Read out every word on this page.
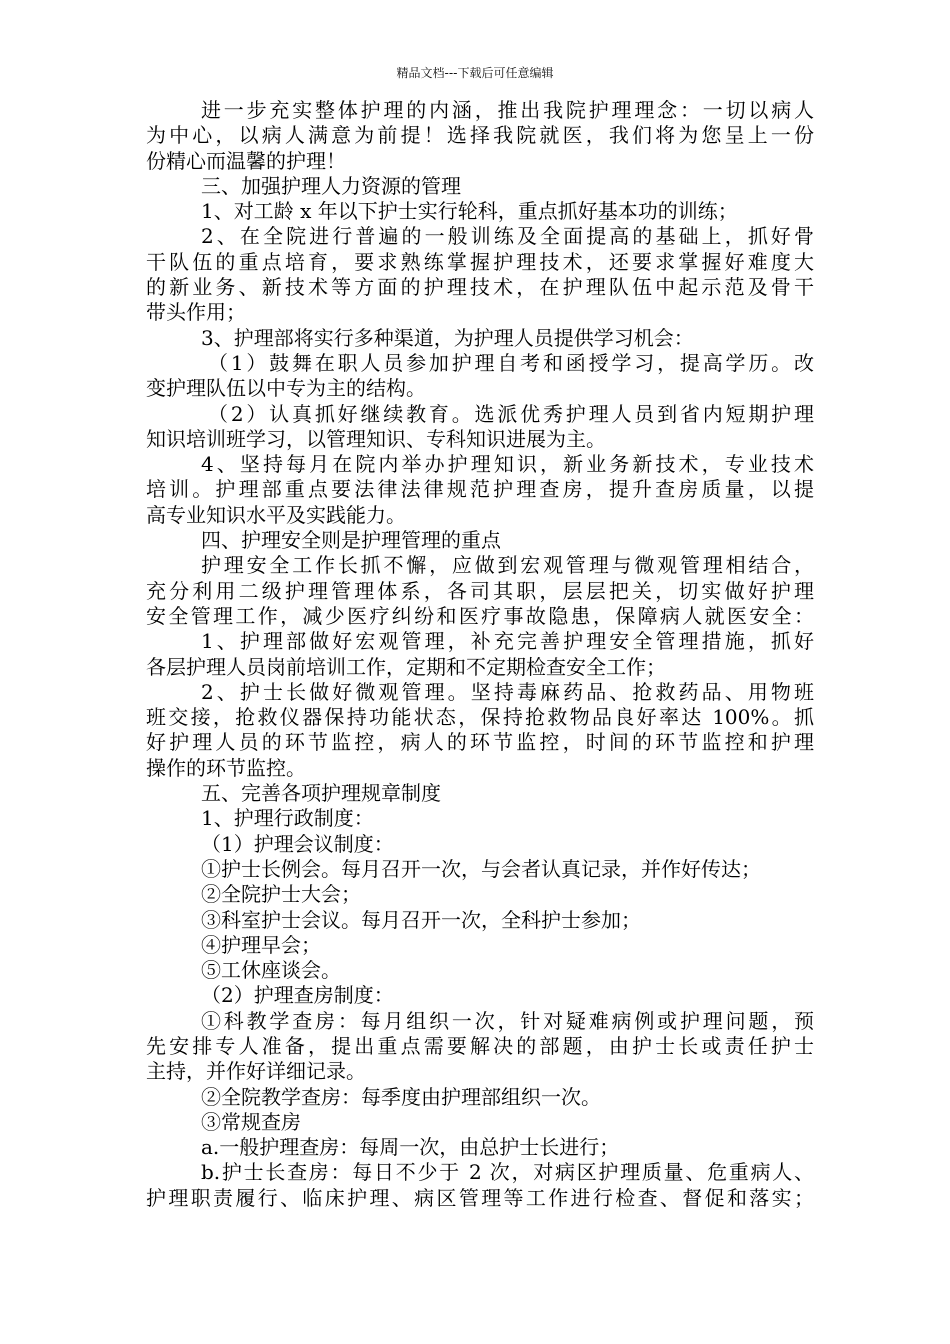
精品文档---下载后可任意编辑
进一步充实整体护理的内涵，推出我院护理理念：一切以病人
为中心，以病人满意为前提！选择我院就医，我们将为您呈上一份
份精心而温馨的护理！
三、加强护理人力资源的管理
1、对工龄 x 年以下护士实行轮科，重点抓好基本功的训练；
2、在全院进行普遍的一般训练及全面提高的基础上，抓好骨
干队伍的重点培育，要求熟练掌握护理技术，还要求掌握好难度大
的新业务、新技术等方面的护理技术，在护理队伍中起示范及骨干
带头作用；
3、护理部将实行多种渠道，为护理人员提供学习机会：
（1）鼓舞在职人员参加护理自考和函授学习，提高学历。改
变护理队伍以中专为主的结构。
（2）认真抓好继续教育。选派优秀护理人员到省内短期护理
知识培训班学习，以管理知识、专科知识进展为主。
4、坚持每月在院内举办护理知识，新业务新技术，专业技术
培训。护理部重点要法律法律规范护理查房，提升查房质量，以提
高专业知识水平及实践能力。
四、护理安全则是护理管理的重点
护理安全工作长抓不懈，应做到宏观管理与微观管理相结合，
充分利用二级护理管理体系，各司其职，层层把关，切实做好护理
安全管理工作，减少医疗纠纷和医疗事故隐患，保障病人就医安全：
1、护理部做好宏观管理，补充完善护理安全管理措施，抓好
各层护理人员岗前培训工作，定期和不定期检查安全工作；
2、护士长做好微观管理。坚持毒麻药品、抢救药品、用物班
班交接，抢救仪器保持功能状态，保持抢救物品良好率达 100%。抓
好护理人员的环节监控，病人的环节监控，时间的环节监控和护理
操作的环节监控。
五、完善各项护理规章制度
1、护理行政制度：
（1）护理会议制度：
①护士长例会。每月召开一次，与会者认真记录，并作好传达；
②全院护士大会；
③科室护士会议。每月召开一次，全科护士参加；
④护理早会；
⑤工休座谈会。
（2）护理查房制度：
①科教学查房：每月组织一次，针对疑难病例或护理问题，预
先安排专人准备，提出重点需要解决的部题，由护士长或责任护士
主持，并作好详细记录。
②全院教学查房：每季度由护理部组织一次。
③常规查房
a.一般护理查房：每周一次，由总护士长进行；
b.护士长查房：每日不少于 2 次，对病区护理质量、危重病人、
护理职责履行、临床护理、病区管理等工作进行检查、督促和落实；
